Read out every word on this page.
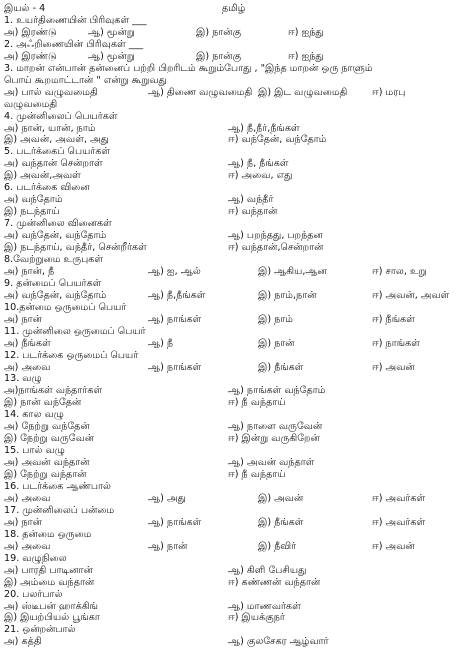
இயல் - 4	தமிழ்
1. உயர்திணையின் பிரிவுகள் ___
அ) இரண்டு	ஆ) மூன்று	இ) நான்கு	ஈ) ஐந்து
2. அஃறிணையின் பிரிவுகள் ___
அ) இரண்டு	ஆ) மூன்று	இ) நான்கு	ஈ) ஐந்து
3. மாறன் என்பான் தன்னைப் பற்றி பிறரிடம் கூறும்போது , "இந்த மாறன் ஒரு நாளும்
பொய் கூறமாட்டான் " என்று கூறுவது
அ) பால் வழுவமைதி	ஆ) திணை வழுவமைதி இ) இட வழுவமைதி	ஈ) மரபு
வழுவமைதி
4. முன்னிலைப் பெயர்கள்
அ) நான், யான், நாம்	ஆ) நீ,நீர்,நீங்கள்
இ) அவன், அவள், அது	ஈ) வந்தேன், வந்தோம்
5. படர்க்கைப் பெயர்கள்
அ) வந்தான் சென்றாள்	ஆ) நீ, நீங்கள்
இ) அவன்,அவள்	ஈ) அவை, எது
6. படர்க்கை வினை
அ) வந்தோம்	ஆ) வந்தீர்
இ) நடந்தாய்	ஈ) வந்தான்
7. முன்னிலை வினைகள்
அ) வந்தேன், வந்தோம்	ஆ) பறந்தது, பறந்தன
இ) நடந்தாய், வந்தீர், சென்றீர்கள்	ஈ) வந்தான்,சென்றான்
8.வேற்றுமை உருபுகள்
அ) நான், நீ	ஆ) ஐ, ஆல்	இ) ஆகிய,ஆன	ஈ) சால, உறு
9. தன்மைப் பெயர்கள்
அ) வந்தேன், வந்தோம்	ஆ) நீ,நீங்கள்	இ) நாம்,நான்	ஈ) அவன், அவள்
10.தன்மை ஒருமைப் பெயர்
அ) நான்	ஆ) நாங்கள்	இ) நாம்	ஈ) நீங்கள்
11. முன்னிலை ஒருமைப் பெயர்
அ) நீங்கள்	ஆ) நீ	இ) நான்	ஈ) நாங்கள்
12. படர்க்கை ஒருமைப் பெயர்
அ) அவை	ஆ) நாங்கள்	இ) நீங்கள்	ஈ) அவன்
13. வழு
அ)நாங்கள் வந்தார்கள்	ஆ) நாங்கள் வந்தோம்
இ) நான் வந்தேன்	ஈ) நீ வந்தாய்
14. கால வழு
அ) நேற்று வந்தேன்	ஆ) நாளை வருவேன்
இ) நேற்று வருவேன்	ஈ) இன்று வருகிறேன்
15. பால் வழு
அ) அவன் வந்தான்	ஆ) அவன் வந்தாள்
இ) நேற்று வந்தான்	ஈ) நீ வந்தாய்
16. படர்க்கை ஆண்பால்
அ) அவை	ஆ) அது	இ) அவன்	ஈ) அவர்கள்
17. முன்னிலைப் பன்மை
அ) நான்	ஆ) நாங்கள்	இ) நீங்கள்	ஈ) அவர்கள்
18. தன்மை ஒருமை
அ) அவை	ஆ) நான்	இ) நீவிர்	ஈ) அவன்
19. வழுநிலை
அ) பாரதி பாடினான்	ஆ) கிளி பேசியது
இ) அம்மை வந்தான்	ஈ) கண்ணன் வந்தான்
20. பலர்பால்
அ) ஸ்டீபன் ஹாக்கிங்	ஆ) மாணவர்கள்
இ) இயற்பியல் பூங்கா	ஈ) இயக்குநர்
21. ஒன்றன்பால்
அ) கத்தி	ஆ) குலசேகர ஆழ்வார்
